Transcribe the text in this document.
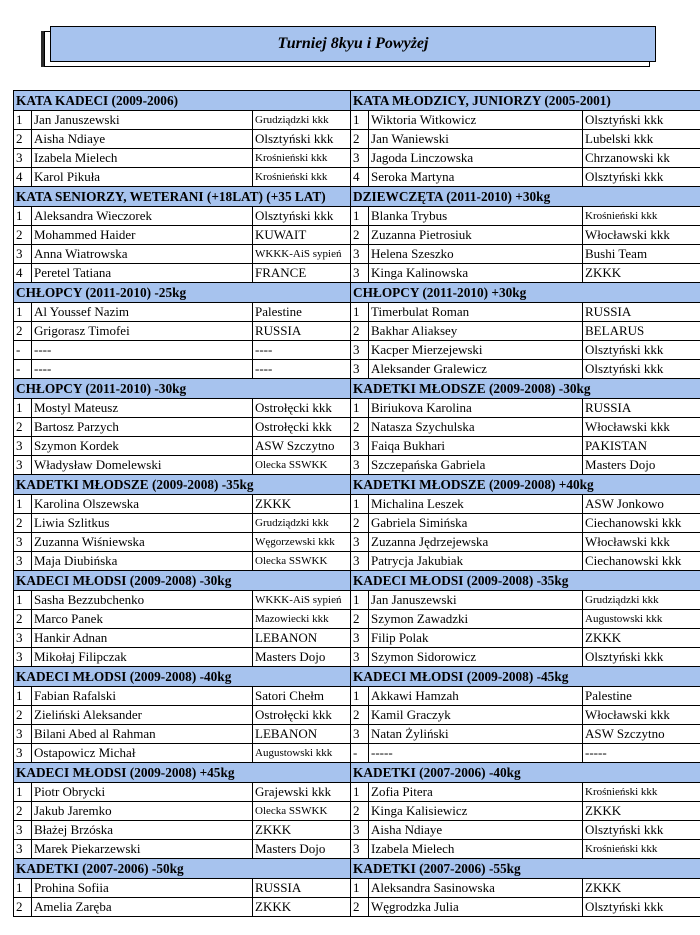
Turniej 8kyu i Powyżej
KATA KADECI (2009-2006)			KATA MŁODZICY, JUNIORZY (2005-2001)		
1	Jan Januszewski	Grudziądzki kkk	1	Wiktoria Witkowicz	Olsztyński kkk
2	Aisha Ndiaye	Olsztyński kkk	2	Jan Waniewski	Lubelski kkk
3	Izabela Mielech	Krośnieński kkk	3	Jagoda Linczowska	Chrzanowski kk
4	Karol Pikuła	Krośnieński kkk	4	Seroka Martyna	Olsztyński kkk
KATA SENIORZY, WETERANI (+18LAT) (+35 LAT)			DZIEWCZĘTA (2011-2010) +30kg		
1	Aleksandra Wieczorek	Olsztyński kkk	1	Blanka Trybus	Krośnieński kkk
2	Mohammed Haider	KUWAIT	2	Zuzanna Pietrosiuk	Włocławski kkk
3	Anna Wiatrowska	WKKK-AiS sypień	3	Helena Szeszko	Bushi Team
4	Peretel Tatiana	FRANCE	3	Kinga Kalinowska	ZKKK
CHŁOPCY (2011-2010) -25kg			CHŁOPCY (2011-2010) +30kg		
1	Al Youssef Nazim	Palestine	1	Timerbulat Roman	RUSSIA
2	Grigorasz Timofei	RUSSIA	2	Bakhar Aliaksey	BELARUS
-	----	----	3	Kacper Mierzejewski	Olsztyński kkk
-	----	----	3	Aleksander Gralewicz	Olsztyński kkk
CHŁOPCY (2011-2010) -30kg			KADETKI MŁODSZE (2009-2008) -30kg		
1	Mostyl Mateusz	Ostrołęcki kkk	1	Biriukova Karolina	RUSSIA
2	Bartosz Parzych	Ostrołęcki kkk	2	Natasza Szychulska	Włocławski kkk
3	Szymon Kordek	ASW Szczytno	3	Faiqa Bukhari	PAKISTAN
3	Władysław Domelewski	Olecka SSWKK	3	Szczepańska Gabriela	Masters Dojo
KADETKI MŁODSZE (2009-2008) -35kg			KADETKI MŁODSZE (2009-2008) +40kg		
1	Karolina Olszewska	ZKKK	1	Michalina Leszek	ASW Jonkowo
2	Liwia Szlitkus	Grudziądzki kkk	2	Gabriela Simińska	Ciechanowski kkk
3	Zuzanna Wiśniewska	Węgorzewski kkk	3	Zuzanna Jędrzejewska	Włocławski kkk
3	Maja Diubińska	Olecka SSWKK	3	Patrycja Jakubiak	Ciechanowski kkk
KADECI MŁODSI (2009-2008) -30kg			KADECI MŁODSI (2009-2008) -35kg		
1	Sasha Bezzubchenko	WKKK-AiS sypień	1	Jan Januszewski	Grudziądzki kkk
2	Marco Panek	Mazowiecki kkk	2	Szymon Zawadzki	Augustowski kkk
3	Hankir Adnan	LEBANON	3	Filip Polak	ZKKK
3	Mikołaj Filipczak	Masters Dojo	3	Szymon Sidorowicz	Olsztyński kkk
KADECI MŁODSI (2009-2008) -40kg			KADECI MŁODSI (2009-2008) -45kg		
1	Fabian Rafalski	Satori Chełm	1	Akkawi Hamzah	Palestine
2	Zieliński Aleksander	Ostrołęcki kkk	2	Kamil Graczyk	Włocławski kkk
3	Bilani Abed al Rahman	LEBANON	3	Natan Żyliński	ASW Szczytno
3	Ostapowicz Michał	Augustowski kkk	-	-----	-----
KADECI MŁODSI (2009-2008) +45kg			KADETKI (2007-2006) -40kg		
1	Piotr Obrycki	Grajewski kkk	1	Zofia Pitera	Krośnieński kkk
2	Jakub Jaremko	Olecka SSWKK	2	Kinga Kalisiewicz	ZKKK
3	Błażej Brzóska	ZKKK	3	Aisha Ndiaye	Olsztyński kkk
3	Marek Piekarzewski	Masters Dojo	3	Izabela Mielech	Krośnieński kkk
KADETKI (2007-2006) -50kg			KADETKI (2007-2006) -55kg		
1	Prohina Sofiia	RUSSIA	1	Aleksandra Sasinowska	ZKKK
2	Amelia Zaręba	ZKKK	2	Węgrodzka Julia	Olsztyński kkk
